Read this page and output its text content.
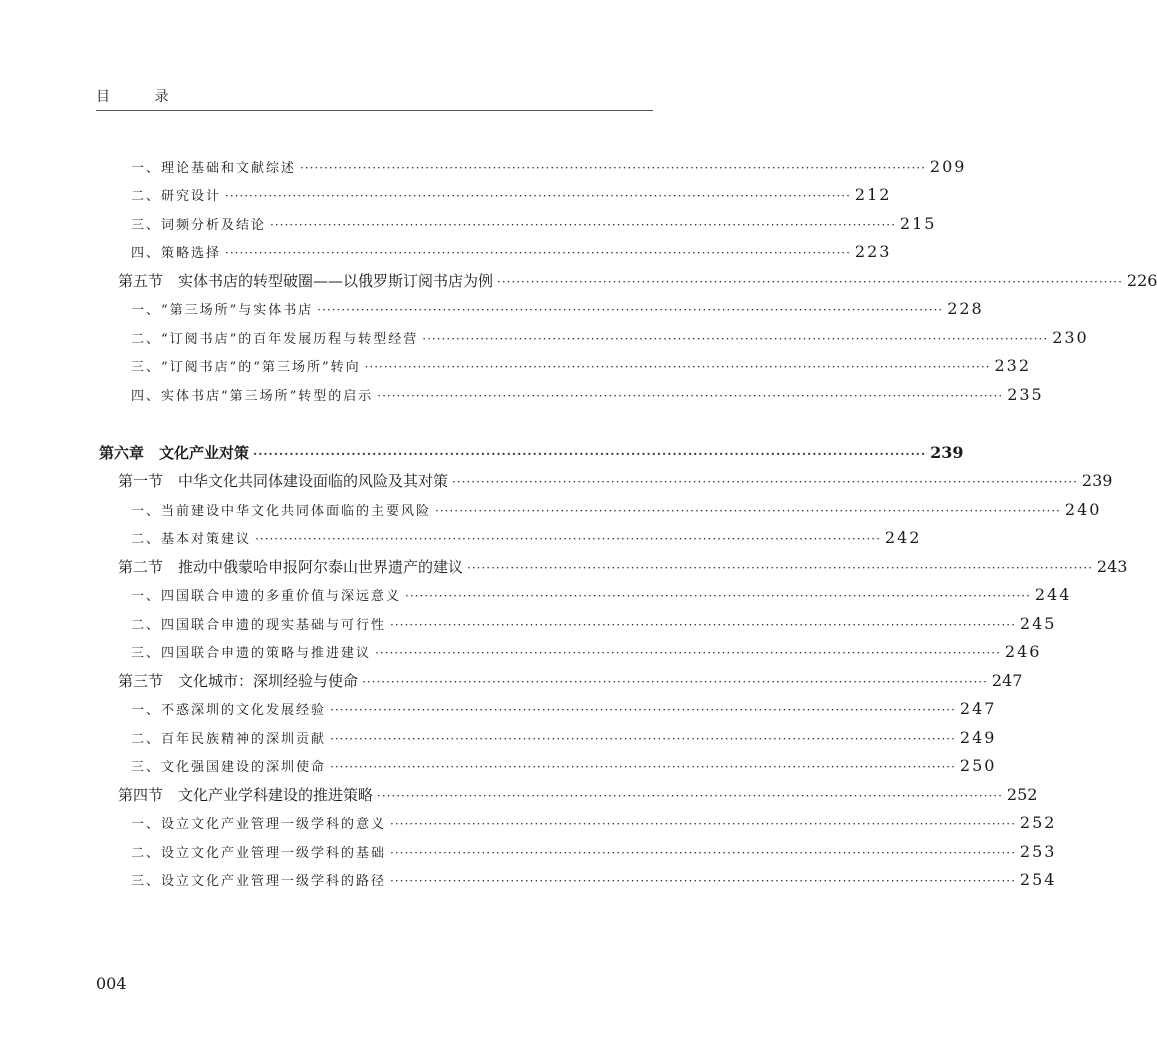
目 录
一、理论基础和文献综述 ·································································································································· 209
二、研究设计 ·································································································································· 212
三、词频分析及结论 ·································································································································· 215
四、策略选择 ·································································································································· 223
第五节　实体书店的转型破圈——以俄罗斯订阅书店为例 ·································································································································· 226
一、“第三场所”与实体书店 ·································································································································· 228
二、“订阅书店”的百年发展历程与转型经营 ·································································································································· 230
三、“订阅书店”的“第三场所”转向 ·································································································································· 232
四、实体书店“第三场所”转型的启示 ·································································································································· 235
第六章　文化产业对策 ·································································································································· 239
第一节　中华文化共同体建设面临的风险及其对策 ·································································································································· 239
一、当前建设中华文化共同体面临的主要风险 ·································································································································· 240
二、基本对策建议 ·································································································································· 242
第二节　推动中俄蒙哈申报阿尔泰山世界遗产的建议 ·································································································································· 243
一、四国联合申遗的多重价值与深远意义 ·································································································································· 244
二、四国联合申遗的现实基础与可行性 ·································································································································· 245
三、四国联合申遗的策略与推进建议 ·································································································································· 246
第三节　文化城市：深圳经验与使命 ·································································································································· 247
一、不惑深圳的文化发展经验 ·································································································································· 247
二、百年民族精神的深圳贡献 ·································································································································· 249
三、文化强国建设的深圳使命 ·································································································································· 250
第四节　文化产业学科建设的推进策略 ·································································································································· 252
一、设立文化产业管理一级学科的意义 ·································································································································· 252
二、设立文化产业管理一级学科的基础 ·································································································································· 253
三、设立文化产业管理一级学科的路径 ·································································································································· 254
004
